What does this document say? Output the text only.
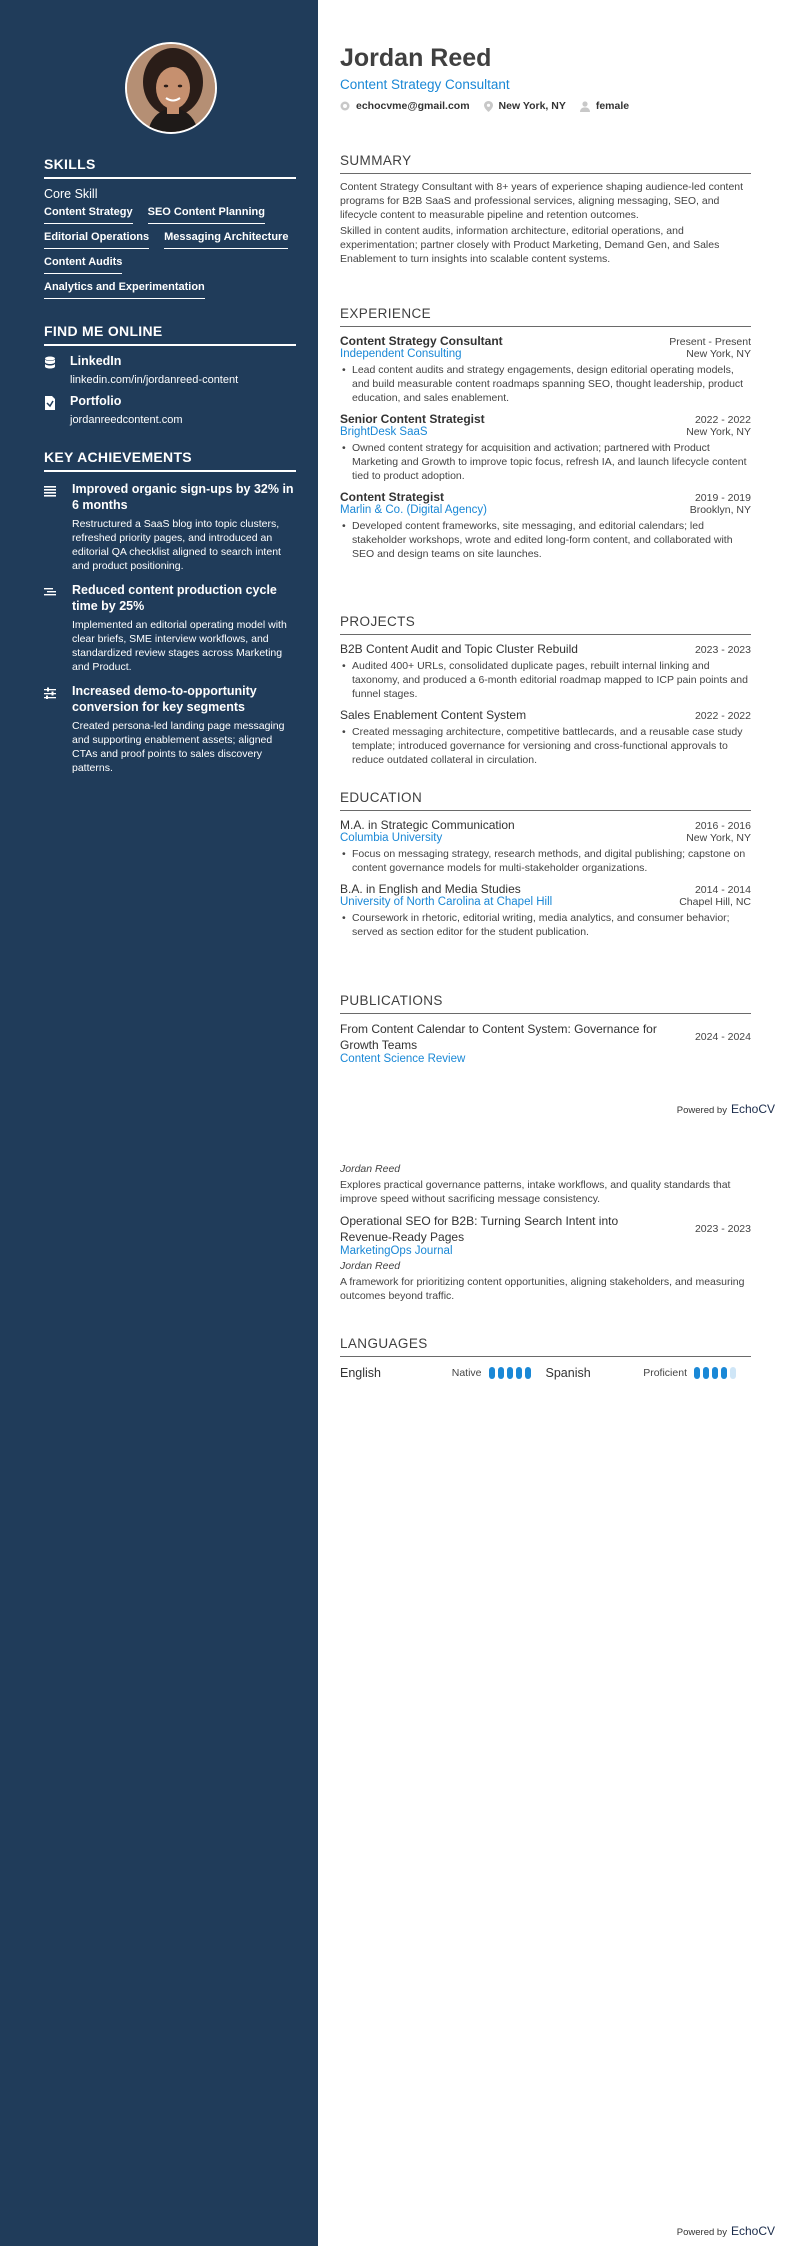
SKILLS
Core Skill
Content Strategy SEO Content Planning
Editorial Operations Messaging Architecture
Content Audits
Analytics and Experimentation
FIND ME ONLINE
LinkedIn
linkedin.com/in/jordanreed-content
Portfolio
jordanreedcontent.com
KEY ACHIEVEMENTS
Improved organic sign-ups by 32% in 6 months
Restructured a SaaS blog into topic clusters, refreshed priority pages, and introduced an editorial QA checklist aligned to search intent and product positioning.
Reduced content production cycle time by 25%
Implemented an editorial operating model with clear briefs, SME interview workflows, and standardized review stages across Marketing and Product.
Increased demo-to-opportunity conversion for key segments
Created persona-led landing page messaging and supporting enablement assets; aligned CTAs and proof points to sales discovery patterns.
Jordan Reed
Content Strategy Consultant
echocvme@gmail.com	New York, NY	female
SUMMARY
Content Strategy Consultant with 8+ years of experience shaping audience-led content programs for B2B SaaS and professional services, aligning messaging, SEO, and lifecycle content to measurable pipeline and retention outcomes.
Skilled in content audits, information architecture, editorial operations, and experimentation; partner closely with Product Marketing, Demand Gen, and Sales Enablement to turn insights into scalable content systems.
EXPERIENCE
Content Strategy Consultant	Present - Present
Independent Consulting	New York, NY
• Lead content audits and strategy engagements, design editorial operating models, and build measurable content roadmaps spanning SEO, thought leadership, product education, and sales enablement.
Senior Content Strategist	2022 - 2022
BrightDesk SaaS	New York, NY
• Owned content strategy for acquisition and activation; partnered with Product Marketing and Growth to improve topic focus, refresh IA, and launch lifecycle content tied to product adoption.
Content Strategist	2019 - 2019
Marlin & Co. (Digital Agency)	Brooklyn, NY
• Developed content frameworks, site messaging, and editorial calendars; led stakeholder workshops, wrote and edited long-form content, and collaborated with SEO and design teams on site launches.
PROJECTS
B2B Content Audit and Topic Cluster Rebuild	2023 - 2023
• Audited 400+ URLs, consolidated duplicate pages, rebuilt internal linking and taxonomy, and produced a 6-month editorial roadmap mapped to ICP pain points and funnel stages.
Sales Enablement Content System	2022 - 2022
• Created messaging architecture, competitive battlecards, and a reusable case study template; introduced governance for versioning and cross-functional approvals to reduce outdated collateral in circulation.
EDUCATION
M.A. in Strategic Communication	2016 - 2016
Columbia University	New York, NY
• Focus on messaging strategy, research methods, and digital publishing; capstone on content governance models for multi-stakeholder organizations.
B.A. in English and Media Studies	2014 - 2014
University of North Carolina at Chapel Hill	Chapel Hill, NC
• Coursework in rhetoric, editorial writing, media analytics, and consumer behavior; served as section editor for the student publication.
PUBLICATIONS
From Content Calendar to Content System: Governance for Growth Teams
2024 - 2024
Content Science Review
Powered by EchoCV
Jordan Reed
Explores practical governance patterns, intake workflows, and quality standards that improve speed without sacrificing message consistency.
Operational SEO for B2B: Turning Search Intent into Revenue-Ready Pages
2023 - 2023
MarketingOps Journal
Jordan Reed
A framework for prioritizing content opportunities, aligning stakeholders, and measuring outcomes beyond traffic.
LANGUAGES
English	Native	Spanish	Proficient
Powered by EchoCV
